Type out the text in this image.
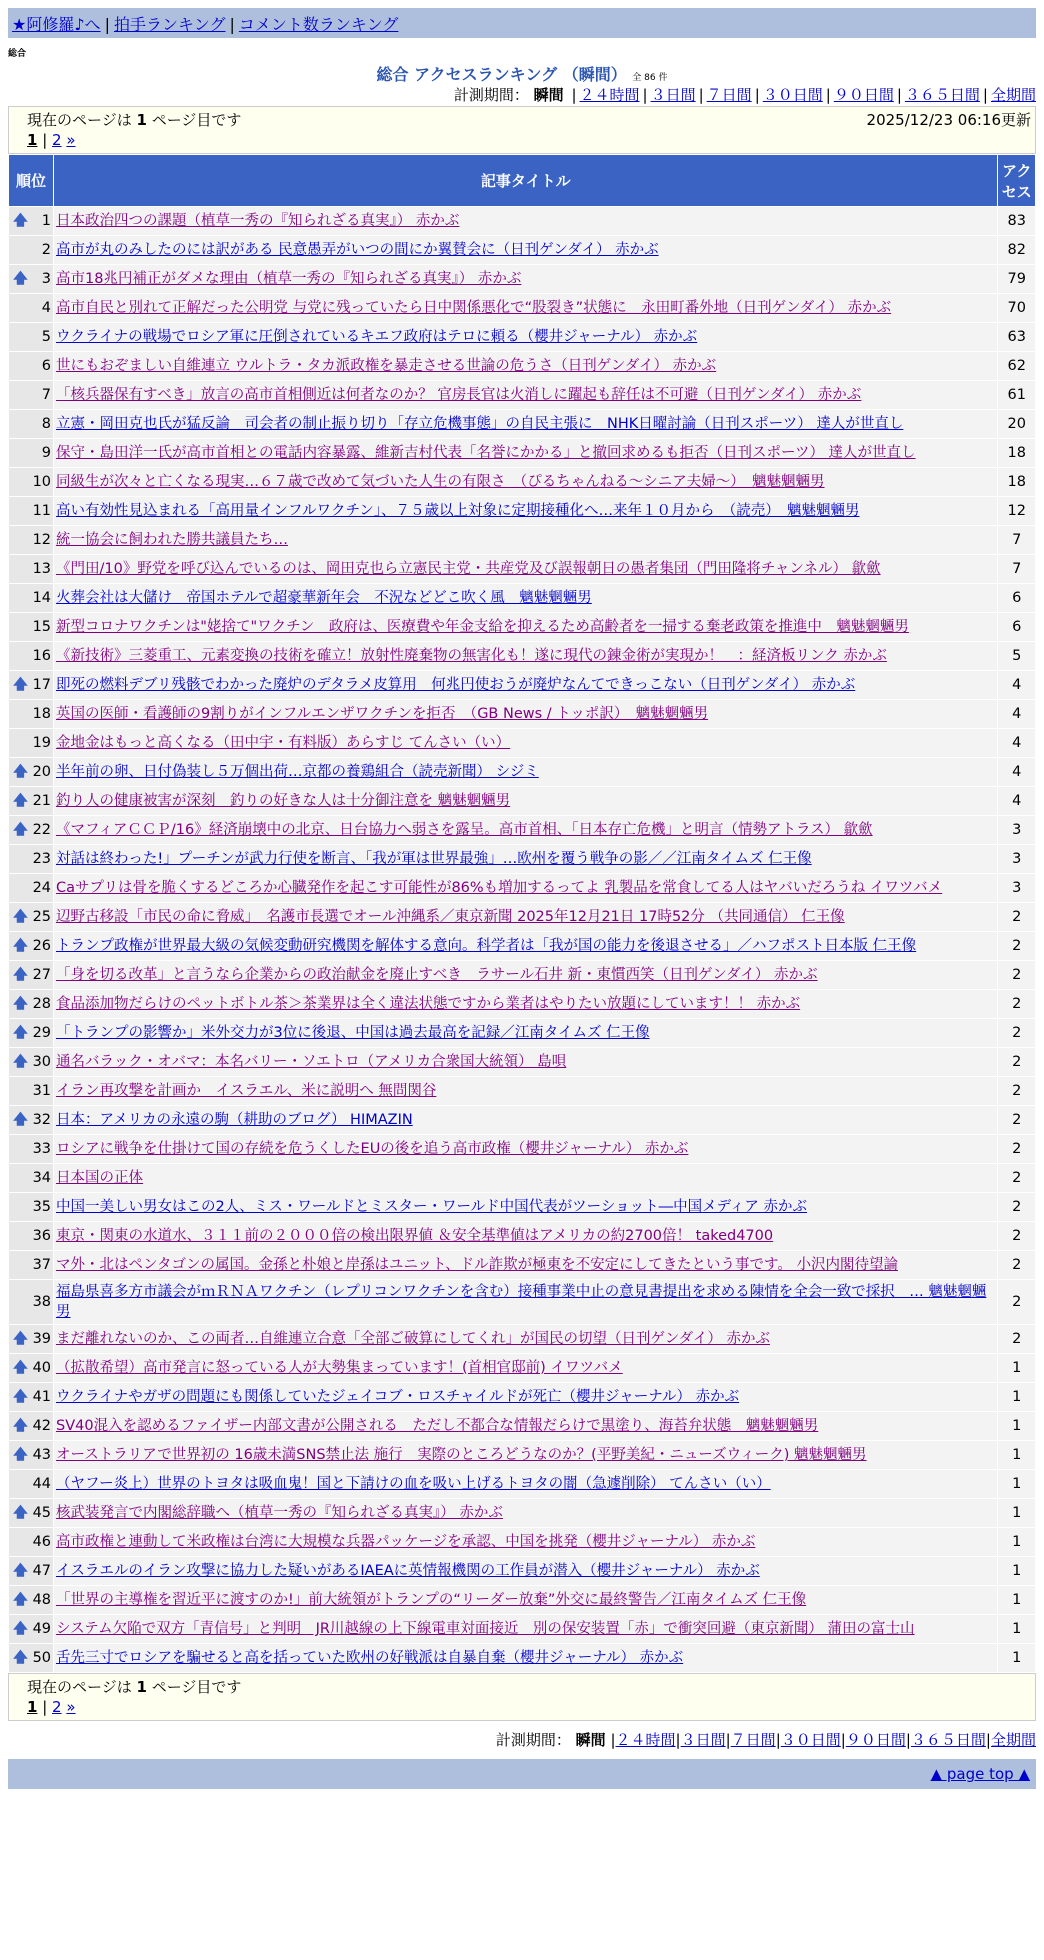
★阿修羅♪へ | 拍手ランキング | コメント数ランキング
総合
総合 アクセスランキング （瞬間） 全 86 件
計測期間： 瞬間 | ２４時間 | ３日間 | ７日間 | ３０日間 | ９０日間 | ３６５日間 | 全期間
現在のページは 1 ページ目です	2025/12/23 06:16更新
1 | 2 »
順位	記事タイトル	アクセス

🡅 1	日本政治四つの課題（植草一秀の『知られざる真実』） 赤かぶ	83
2	高市が丸のみしたのには訳がある 民意愚弄がいつの間にか翼賛会に（日刊ゲンダイ） 赤かぶ	82

🡅 3	高市18兆円補正がダメな理由（植草一秀の『知られざる真実』） 赤かぶ	79
4	高市自民と別れて正解だった公明党 与党に残っていたら日中関係悪化で“股裂き”状態に　永田町番外地（日刊ゲンダイ） 赤かぶ	70
5	ウクライナの戦場でロシア軍に圧倒されているキエフ政府はテロに頼る（櫻井ジャーナル） 赤かぶ	63
6	世にもおぞましい自維連立 ウルトラ・タカ派政権を暴走させる世論の危うさ（日刊ゲンダイ） 赤かぶ	62
7	「核兵器保有すべき」放言の高市首相側近は何者なのか？ 官房長官は火消しに躍起も辞任は不可避（日刊ゲンダイ） 赤かぶ	61
8	立憲・岡田克也氏が猛反論　司会者の制止振り切り「存立危機事態」の自民主張に　NHK日曜討論（日刊スポーツ） 達人が世直し	20
9	保守・島田洋一氏が高市首相との電話内容暴露、維新吉村代表「名誉にかかる」と撤回求めるも拒否（日刊スポーツ） 達人が世直し	18
10	同級生が次々と亡くなる現実…６７歳で改めて気づいた人生の有限さ　（ぴるちゃんねる～シニア夫婦～）　魑魅魍魎男	18
11	高い有効性見込まれる「高用量インフルワクチン」、７５歳以上対象に定期接種化へ…来年１０月から　（読売）　魑魅魍魎男	12
12	統一協会に飼われた勝共議員たち…	7
13	《門田/10》野党を呼び込んでいるのは、岡田克也ら立憲民主党・共産党及び誤報朝日の愚者集団（門田隆将チャンネル） 歙歛	7
14	火葬会社は大儲け　帝国ホテルで超豪華新年会　不況などどこ吹く風　魑魅魍魎男	6
15	新型コロナワクチンは"姥捨て"ワクチン　政府は、医療費や年金支給を抑えるため高齢者を一掃する棄老政策を推進中　魑魅魍魎男	6
16	《新技術》三菱重工、元素変換の技術を確立！放射性廃棄物の無害化も！遂に現代の錬金術が実現か！　：経済板リンク 赤かぶ	5

🡅 17	即死の燃料デブリ残骸でわかった廃炉のデタラメ皮算用　何兆円使おうが廃炉なんてできっこない（日刊ゲンダイ） 赤かぶ	4
18	英国の医師・看護師の9割りがインフルエンザワクチンを拒否　（GB News / トッポ訳）　魑魅魍魎男	4
19	金地金はもっと高くなる（田中宇・有料版）あらすじ てんさい（い）	4

🡅 20	半年前の卵、日付偽装し５万個出荷…京都の養鶏組合（読売新聞） シジミ	4

🡅 21	釣り人の健康被害が深刻　釣りの好きな人は十分御注意を 魑魅魍魎男	4

🡅 22	《マフィアＣＣＰ/16》経済崩壊中の北京、日台協力へ弱さを露呈。高市首相、「日本存亡危機」と明言（情勢アトラス） 歙歛	3
23	対話は終わった!」プーチンが武力行使を断言、「我が軍は世界最強」…欧州を覆う戦争の影／／江南タイムズ 仁王像	3
24	Caサプリは骨を脆くするどころか心臓発作を起こす可能性が86%も増加するってよ 乳製品を常食してる人はヤバいだろうね イワツバメ	3

🡅 25	辺野古移設「市民の命に脅威」　名護市長選でオール沖縄系／東京新聞 2025年12月21日 17時52分 （共同通信） 仁王像	2

🡅 26	トランプ政権が世界最大級の気候変動研究機関を解体する意向。科学者は「我が国の能力を後退させる」／ハフポスト日本版 仁王像	2

🡅 27	「身を切る改革」と言うなら企業からの政治献金を廃止すべき　ラサール石井 新・東慣西笑（日刊ゲンダイ） 赤かぶ	2

🡅 28	食品添加物だらけのペットボトル茶＞茶業界は全く違法状態ですから業者はやりたい放題にしています！！ 赤かぶ	2

🡅 29	「トランプの影響か」米外交力が3位に後退、中国は過去最高を記録／江南タイムズ 仁王像	2

🡅 30	通名バラック・オバマ：本名バリー・ソエトロ（アメリカ合衆国大統領） 島唄	2
31	イラン再攻撃を計画か　イスラエル、米に説明へ 無問関谷	2

🡅 32	日本：アメリカの永遠の駒（耕助のブログ） HIMAZIN	2
33	ロシアに戦争を仕掛けて国の存続を危うくしたEUの後を追う高市政権（櫻井ジャーナル） 赤かぶ	2
34	日本国の正体	2
35	中国一美しい男女はこの2人、ミス・ワールドとミスター・ワールド中国代表がツーショット―中国メディア 赤かぶ	2
36	東京・関東の水道水、３１１前の２０００倍の検出限界値 ＆安全基準値はアメリカの約2700倍！ taked4700	2
37	マ外・北はペンタゴンの属国。金孫と朴娘と岸孫はユニット、ドル詐欺が極東を不安定にしてきたという事です。 小沢内閣待望論	2
38	福島県喜多方市議会がｍＲＮＡワクチン（レプリコンワクチンを含む）接種事業中止の意見書提出を求める陳情を全会一致で採択　… 魑魅魍魎男	2

🡅 39	まだ離れないのか、この両者…自維連立合意「全部ご破算にしてくれ」が国民の切望（日刊ゲンダイ） 赤かぶ	2

🡅 40	（拡散希望）高市発言に怒っている人が大勢集まっています！(首相官邸前) イワツバメ	1

🡅 41	ウクライナやガザの問題にも関係していたジェイコブ・ロスチャイルドが死亡（櫻井ジャーナル） 赤かぶ	1

🡅 42	SV40混入を認めるファイザー内部文書が公開される　ただし不都合な情報だらけで黒塗り、海苔弁状態　魑魅魍魎男	1

🡅 43	オーストラリアで世界初の 16歳未満SNS禁止法 施行　実際のところどうなのか？(平野美紀・ニューズウィーク) 魑魅魍魎男	1
44	（ヤフー炎上）世界のトヨタは吸血鬼！国と下請けの血を吸い上げるトヨタの闇（急遽削除） てんさい（い）	1

🡅 45	核武装発言で内閣総辞職へ（植草一秀の『知られざる真実』） 赤かぶ	1
46	高市政権と連動して米政権は台湾に大規模な兵器パッケージを承認、中国を挑発（櫻井ジャーナル） 赤かぶ	1

🡅 47	イスラエルのイラン攻撃に協力した疑いがあるIAEAに英情報機関の工作員が潜入（櫻井ジャーナル） 赤かぶ	1

🡅 48	「世界の主導権を習近平に渡すのか!」前大統領がトランプの“リーダー放棄”外交に最終警告／江南タイムズ 仁王像	1

🡅 49	システム欠陥で双方「青信号」と判明　JR川越線の上下線電車対面接近　別の保安装置「赤」で衝突回避（東京新聞） 蒲田の富士山	1

🡅 50	舌先三寸でロシアを騙せると高を括っていた欧州の好戦派は自暴自棄（櫻井ジャーナル） 赤かぶ	1
現在のページは 1 ページ目です
1 | 2 »
計測期間： 瞬間 |２４時間|３日間|７日間|３０日間|９０日間|３６５日間|全期間
▲ page top ▲
